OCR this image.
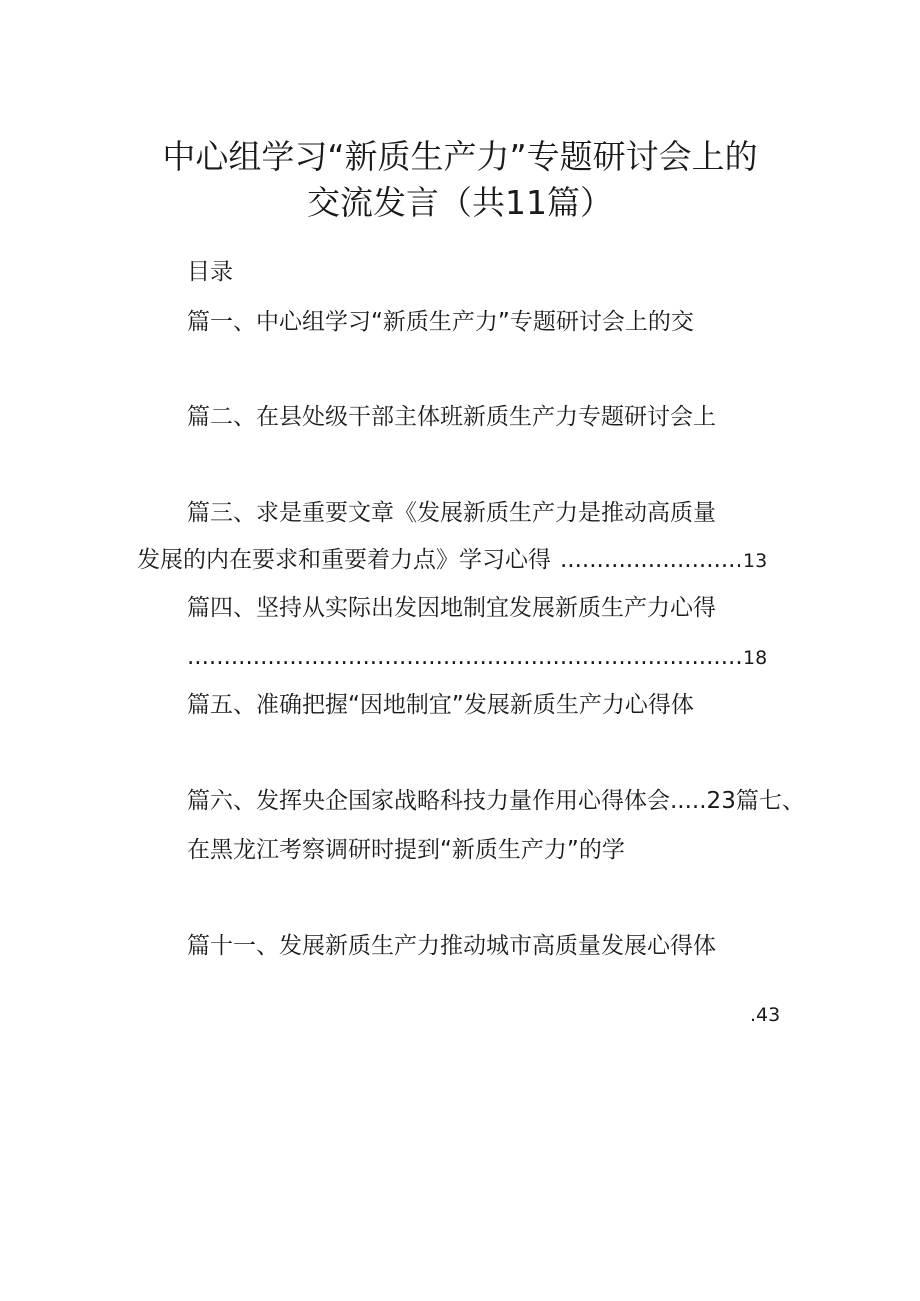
中心组学习“新质生产力”专题研讨会上的
交流发言（共11篇）
目录
篇一、中心组学习“新质生产力”专题研讨会上的交
篇二、在县处级干部主体班新质生产力专题研讨会上
篇三、求是重要文章《发展新质生产力是推动高质量
发展的内在要求和重要着力点》学习心得
.....	13
篇四、坚持从实际出发因地制宜发展新质生产力心得
.....
18
篇五、准确把握“因地制宜”发展新质生产力心得体
篇六、发挥央企国家战略科技力量作用心得体会.....23篇七、
在黑龙江考察调研时提到“新质生产力”的学
篇十一、发展新质生产力推动城市高质量发展心得体
.43
